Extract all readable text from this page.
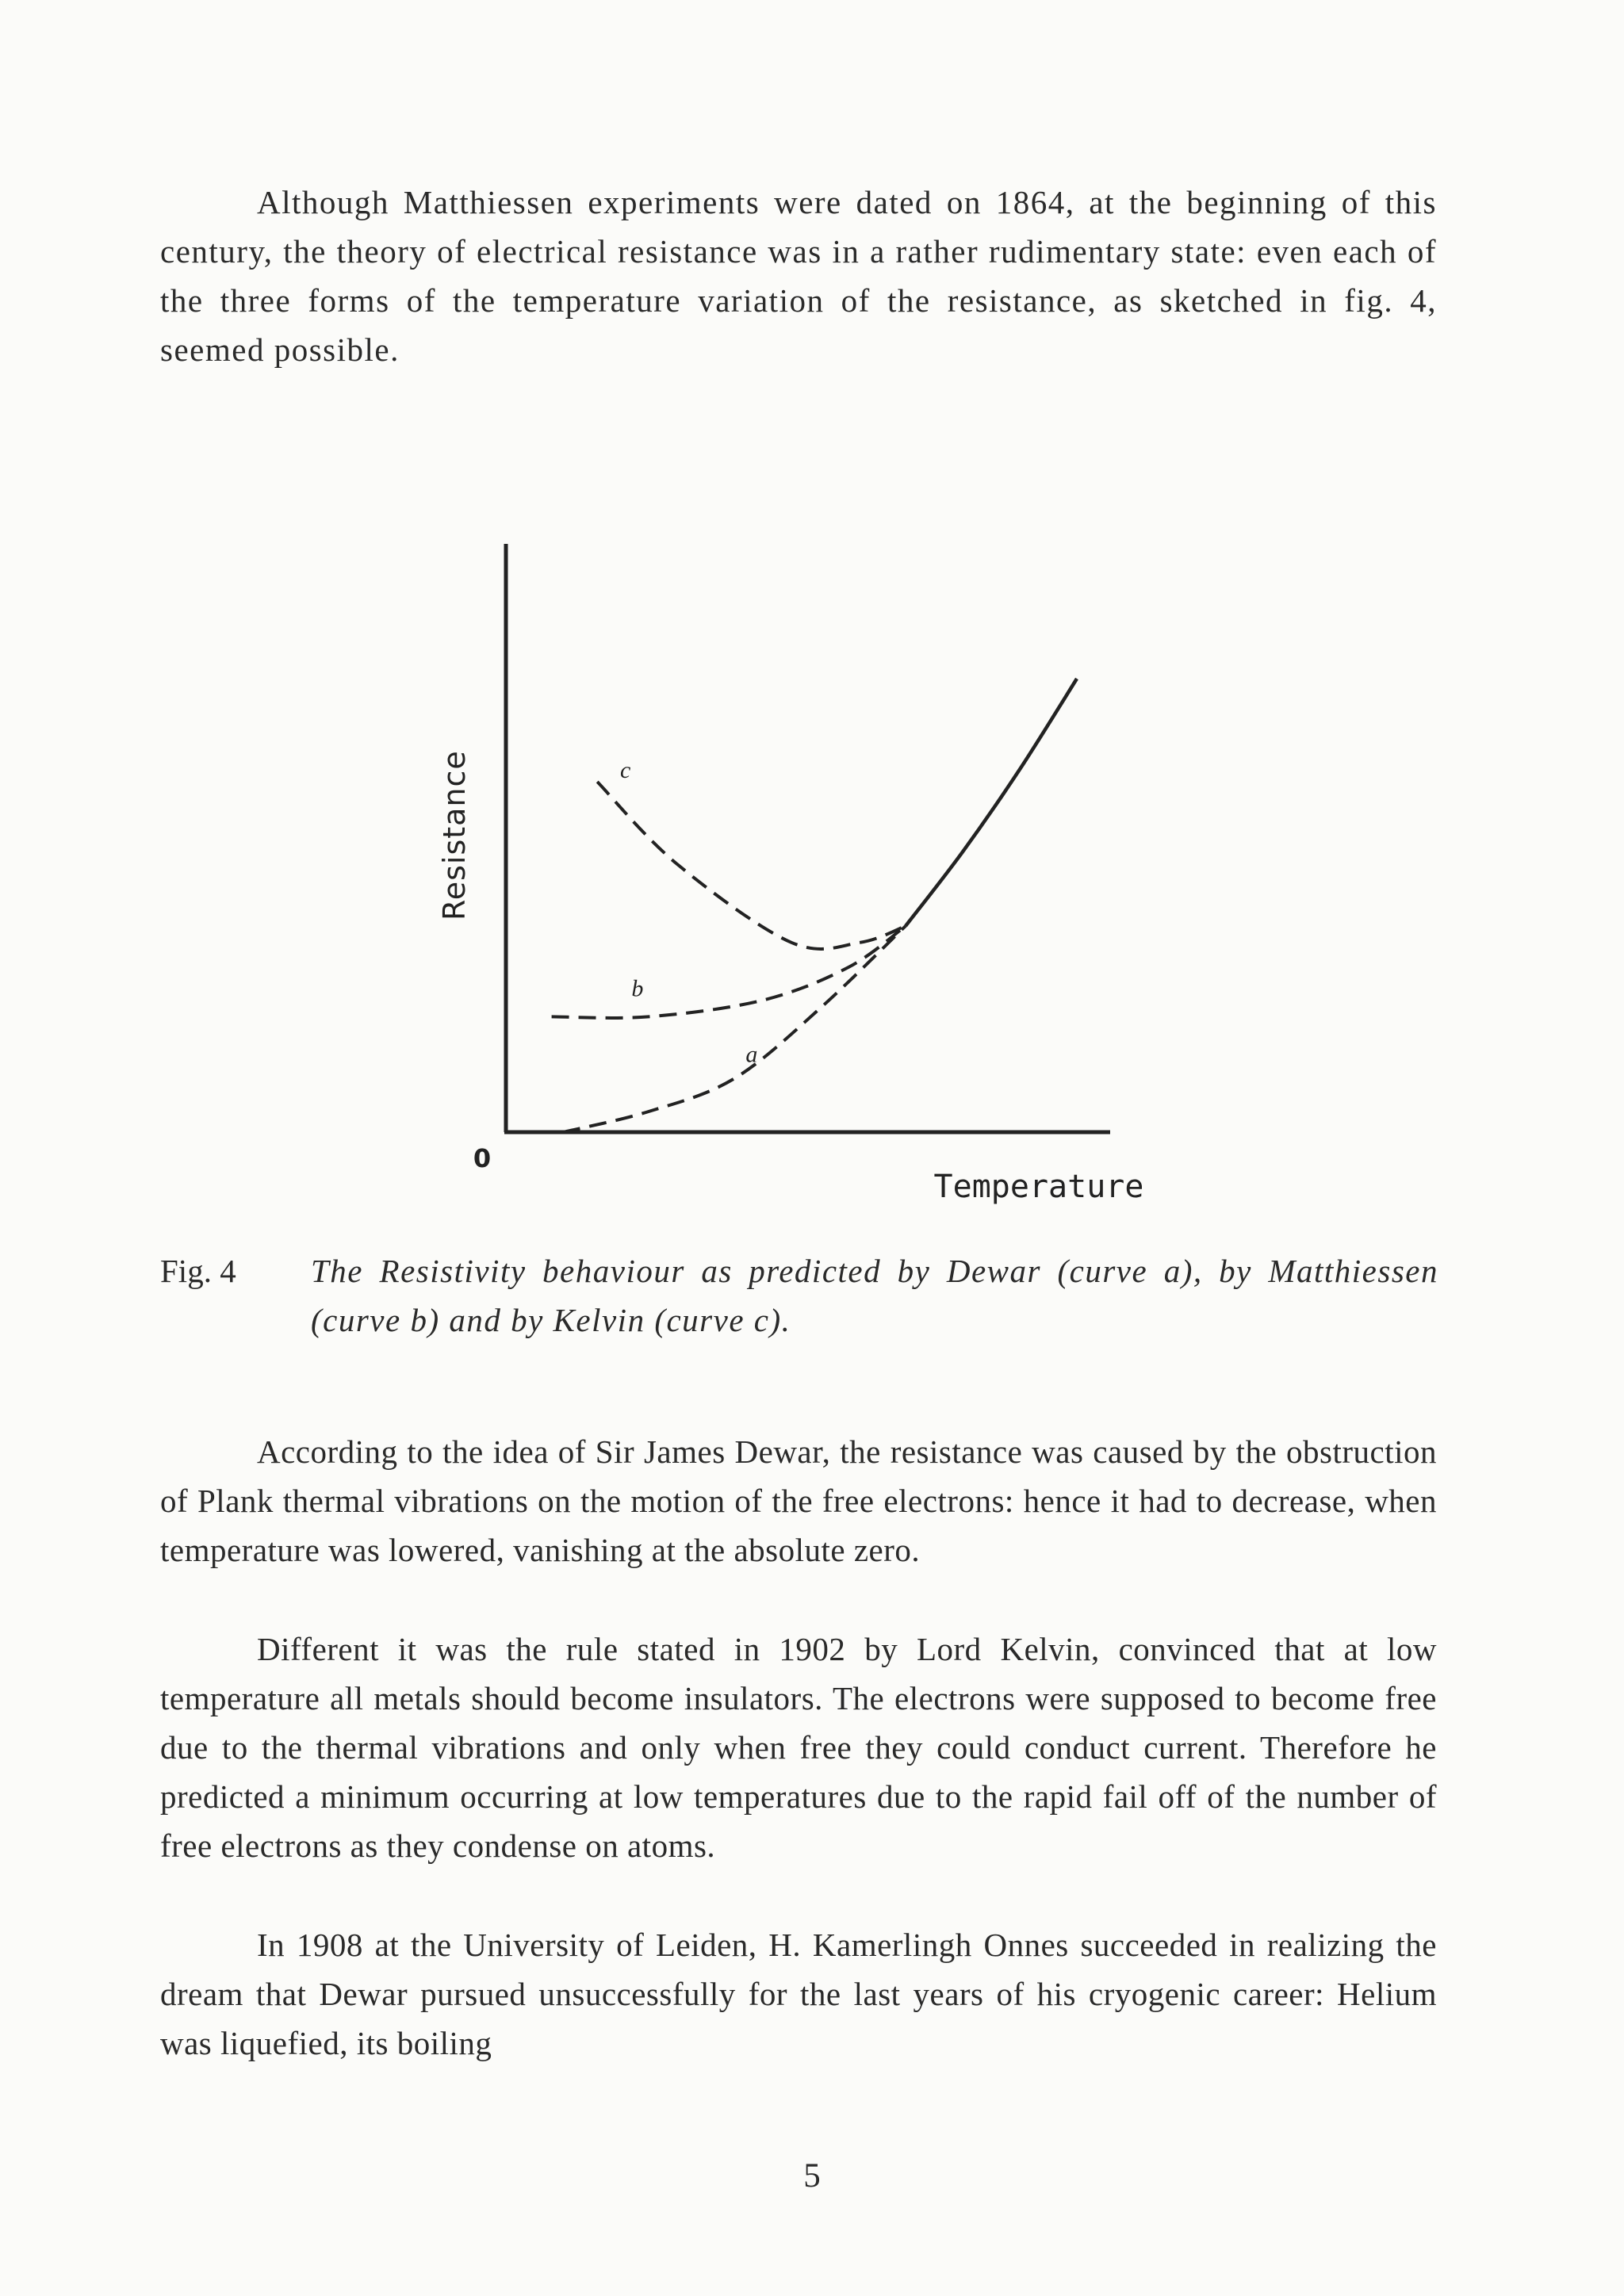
Although Matthiessen experiments were dated on 1864, at the beginning of this century, the theory of electrical resistance was in a rather rudimentary state: even each of the three forms of the temperature variation of the resistance, as sketched in fig. 4, seemed possible.

a
b
c
Resistance
Temperature
0

Fig. 4 The Resistivity behaviour as predicted by Dewar (curve a), by Matthiessen (curve b) and by Kelvin (curve c).

According to the idea of Sir James Dewar, the resistance was caused by the obstruction of Plank thermal vibrations on the motion of the free electrons: hence it had to decrease, when temperature was lowered, vanishing at the absolute zero.

Different it was the rule stated in 1902 by Lord Kelvin, convinced that at low temperature all metals should become insulators. The electrons were supposed to become free due to the thermal vibrations and only when free they could conduct current. Therefore he predicted a minimum occurring at low temperatures due to the rapid fail off of the number of free electrons as they condense on atoms.

In 1908 at the University of Leiden, H. Kamerlingh Onnes succeeded in realizing the dream that Dewar pursued unsuccessfully for the last years of his cryogenic career: Helium was liquefied, its boiling

5
